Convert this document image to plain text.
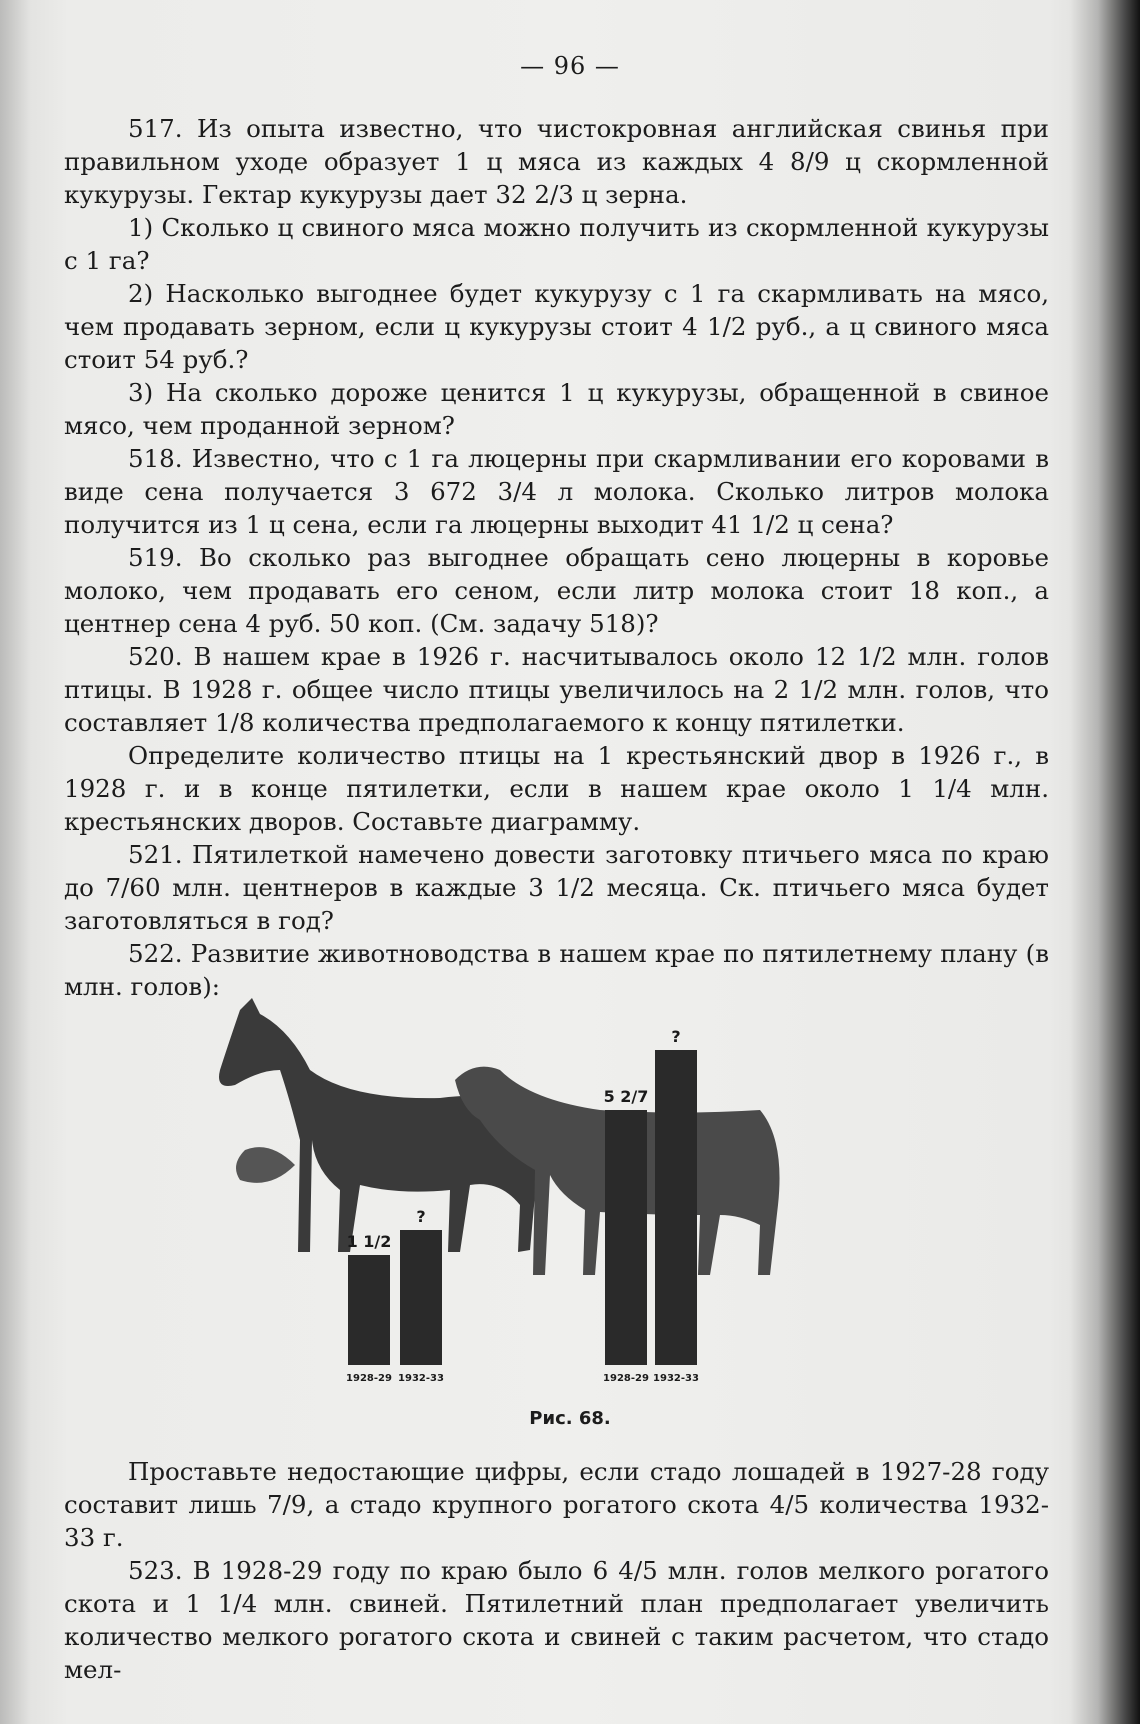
— 96 —

517. Из опыта известно, что чистокровная английская свинья при правильном уходе образует 1 ц мяса из каждых 4 8/9 ц скормленной кукурузы. Гектар кукурузы дает 32 2/3 ц зерна.

1) Сколько ц свиного мяса можно получить из скормленной кукурузы с 1 га?

2) Насколько выгоднее будет кукурузу с 1 га скармливать на мясо, чем продавать зерном, если ц кукурузы стоит 4 1/2 руб., а ц свиного мяса стоит 54 руб.?

3) На сколько дороже ценится 1 ц кукурузы, обращенной в свиное мясо, чем проданной зерном?

518. Известно, что с 1 га люцерны при скармливании его коровами в виде сена получается 3 672 3/4 л молока. Сколько литров молока получится из 1 ц сена, если га люцерны выходит 41 1/2 ц сена?

519. Во сколько раз выгоднее обращать сено люцерны в коровье молоко, чем продавать его сеном, если литр молока стоит 18 коп., а центнер сена 4 руб. 50 коп. (См. задачу 518)?

520. В нашем крае в 1926 г. насчитывалось около 12 1/2 млн. голов птицы. В 1928 г. общее число птицы увеличилось на 2 1/2 млн. голов, что составляет 1/8 количества предполагаемого к концу пятилетки.

Определите количество птицы на 1 крестьянский двор в 1926 г., в 1928 г. и в конце пятилетки, если в нашем крае около 1 1/4 млн. крестьянских дворов. Составьте диаграмму.

521. Пятилеткой намечено довести заготовку птичьего мяса по краю до 7/60 млн. центнеров в каждые 3 1/2 месяца. Ск. птичьего мяса будет заготовляться в год?

522. Развитие животноводства в нашем крае по пятилетнему плану (в млн. голов):

1 1/2
1928-29
?
1932-33
5 2/7
1928-29
?
1932-33
Рис. 68.

Проставьте недостающие цифры, если стадо лошадей в 1927-28 году составит лишь 7/9, а стадо крупного рогатого скота 4/5 количества 1932-33 г.

523. В 1928-29 году по краю было 6 4/5 млн. голов мелкого рогатого скота и 1 1/4 млн. свиней. Пятилетний план предполагает увеличить количество мелкого рогатого скота и свиней с таким расчетом, что стадо мел-
